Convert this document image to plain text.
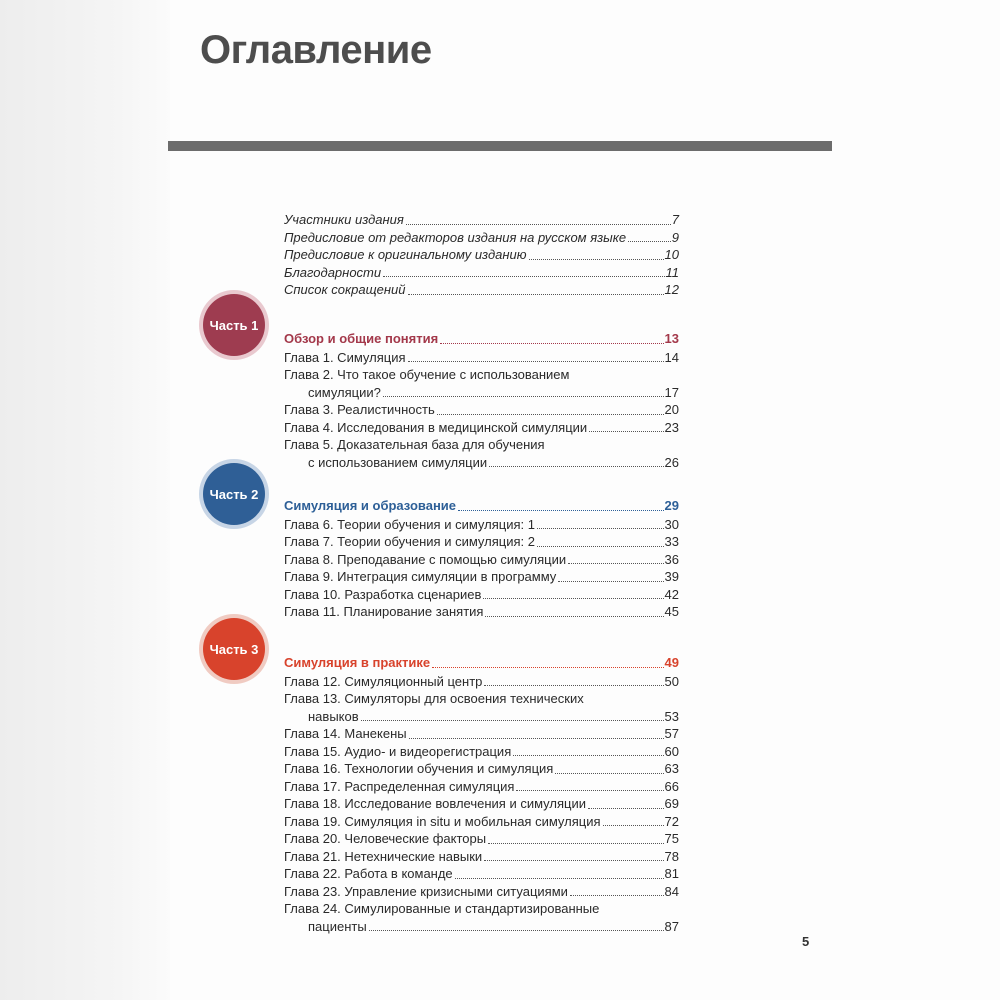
Оглавление
Участники издания	7
Предисловие от редакторов издания на русском языке	9
Предисловие к оригинальному изданию	10
Благодарности	11
Список сокращений	12
Часть 1
Обзор и общие понятия	13
Глава 1. Симуляция	14
Глава 2. Что такое обучение с использованием
симуляции?	17
Глава 3. Реалистичность	20
Глава 4. Исследования в медицинской симуляции	23
Глава 5. Доказательная база для обучения
с использованием симуляции	26
Часть 2
Симуляция и образование	29
Глава 6. Теории обучения и симуляция: 1	30
Глава 7. Теории обучения и симуляция: 2	33
Глава 8. Преподавание с помощью симуляции	36
Глава 9. Интеграция симуляции в программу	39
Глава 10. Разработка сценариев	42
Глава 11. Планирование занятия	45
Часть 3
Симуляция в практике	49
Глава 12. Симуляционный центр	50
Глава 13. Симуляторы для освоения технических
навыков	53
Глава 14. Манекены	57
Глава 15. Аудио- и видеорегистрация	60
Глава 16. Технологии обучения и симуляция	63
Глава 17. Распределенная симуляция	66
Глава 18. Исследование вовлечения и симуляции	69
Глава 19. Симуляция in situ и мобильная симуляция	72
Глава 20. Человеческие факторы	75
Глава 21. Нетехнические навыки	78
Глава 22. Работа в команде	81
Глава 23. Управление кризисными ситуациями	84
Глава 24. Симулированные и стандартизированные
пациенты	87
5
